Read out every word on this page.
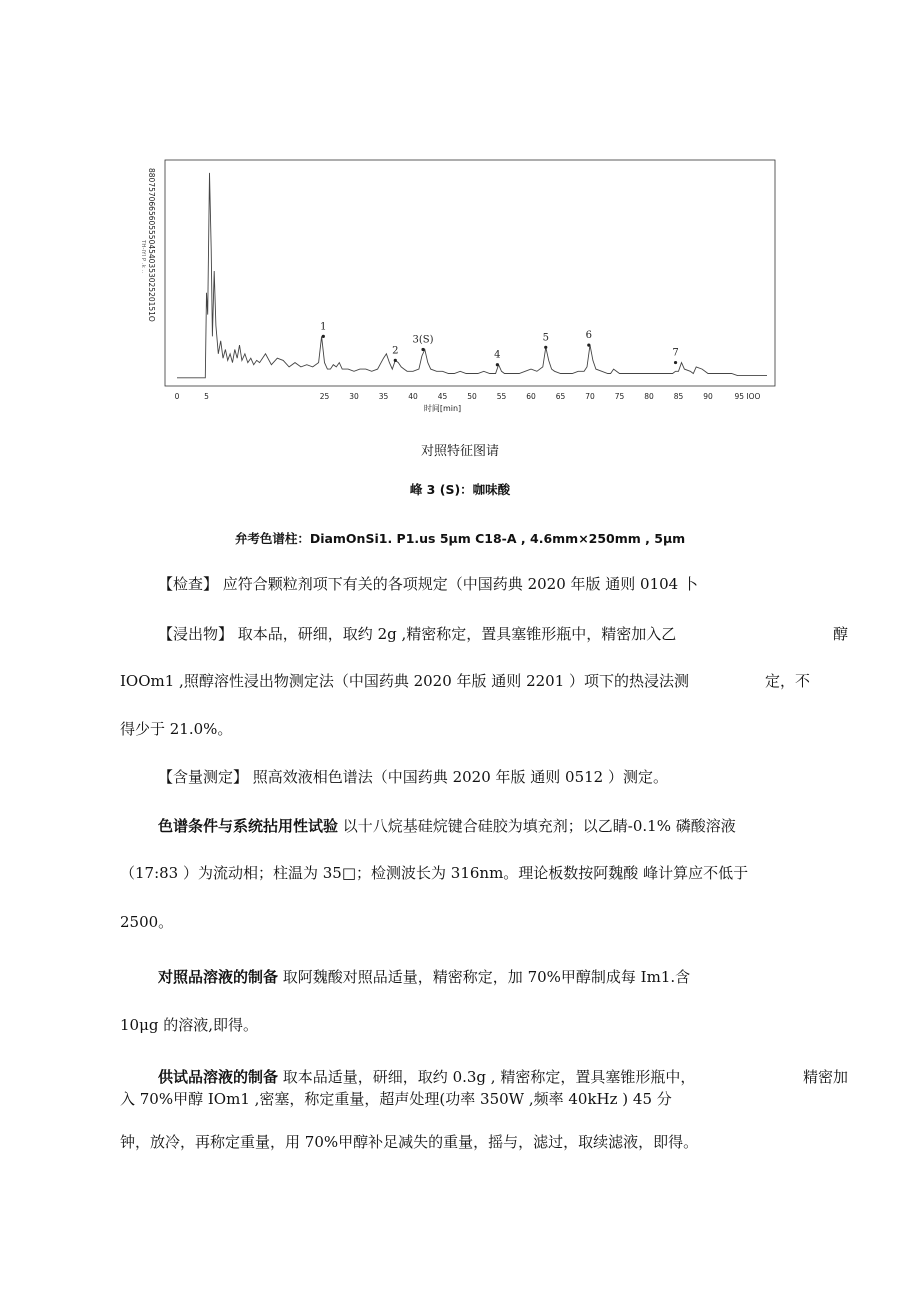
8807570665605550454035302520151O
TH-IYI P .k ..
1
2
3(S)
4
5	6
7
0	5	25	30	35	40	45	50	55	60	65	70	75	80	85	90	95 IOO
时间[min]
对照特征图请
峰 3 (S)：咖味酸
弁考色谱柱：DiamOnSi1. P1.us 5μm C18-A , 4.6mm×250mm , 5μm
【检查】 应符合颗粒剂项下有关的各项规定（中国药典 2020 年版 通则 0104 卜
【浸出物】 取本品，研细，取约 2g ,精密称定，置具塞锥形瓶中，精密加入乙	醇
IOOm1 ,照醇溶性浸出物测定法（中国药典 2020 年版 通则 2201 ）项下的热浸法测	定，不
得少于 21.0%。
【含量测定】 照高效液相色谱法（中国药典 2020 年版 通则 0512 ）测定。
色谱条件与系统拈用性试验 以十八烷基硅烷键合硅胶为填充剂；以乙睛-0.1% 磷酸溶液
（17:83 ）为流动相；柱温为 35□；检测波长为 316nm。理论板数按阿魏酸 峰计算应不低于
2500。
对照品溶液的制备 取阿魏酸对照品适量，精密称定，加 70%甲醇制成每 Im1.含
10μg 的溶液,即得。
供试品溶液的制备 取本品适量，研细，取约 0.3g , 精密称定，置具塞锥形瓶中，	精密加
入 70%甲醇 IOm1 ,密塞，称定重量，超声处理(功率 350W ,频率 40kHz ) 45 分
钟，放冷，再称定重量，用 70%甲醇补足减失的重量，摇与，滤过，取续滤液，即得。
